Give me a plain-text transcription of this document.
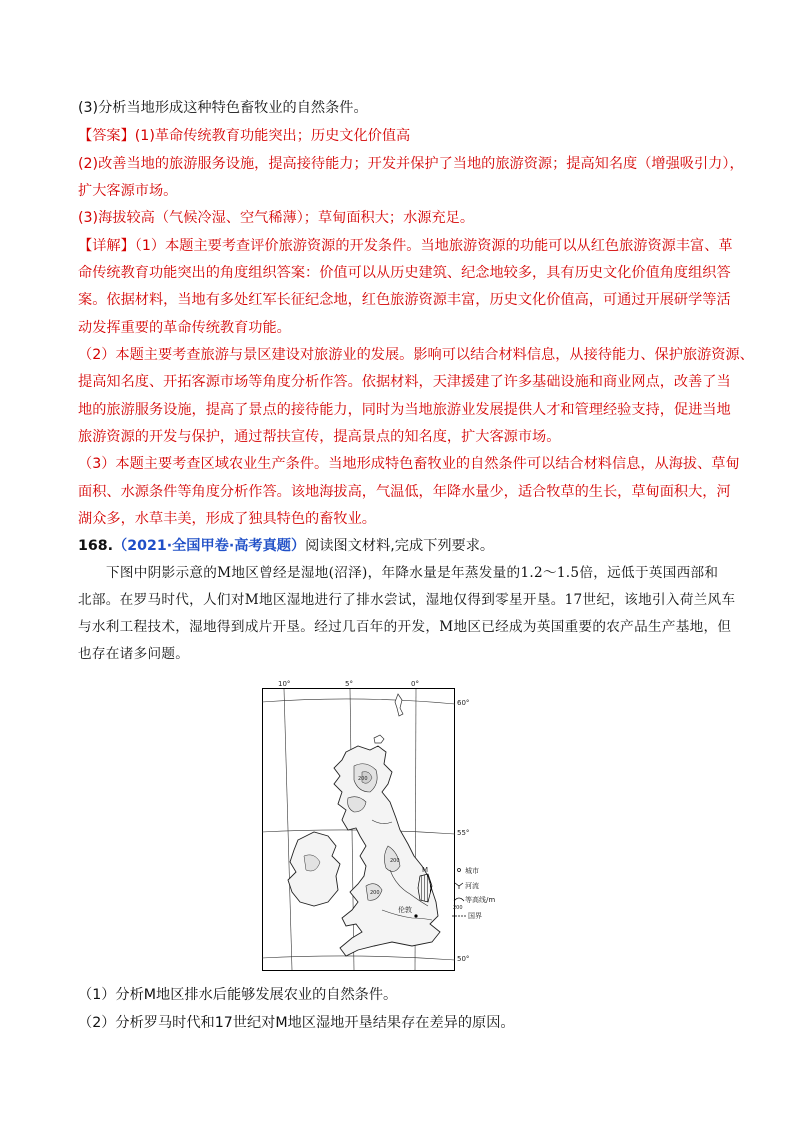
(3)分析当地形成这种特色畜牧业的自然条件。
【答案】(1)革命传统教育功能突出；历史文化价值高
(2)改善当地的旅游服务设施，提高接待能力；开发并保护了当地的旅游资源；提高知名度（增强吸引力），
扩大客源市场。
(3)海拔较高（气候冷湿、空气稀薄）；草甸面积大；水源充足。
【详解】（1）本题主要考查评价旅游资源的开发条件。当地旅游资源的功能可以从红色旅游资源丰富、革
命传统教育功能突出的角度组织答案：价值可以从历史建筑、纪念地较多，具有历史文化价值角度组织答
案。依据材料，当地有多处红军长征纪念地，红色旅游资源丰富，历史文化价值高，可通过开展研学等活
动发挥重要的革命传统教育功能。
（2）本题主要考查旅游与景区建设对旅游业的发展。影响可以结合材料信息，从接待能力、保护旅游资源、
提高知名度、开拓客源市场等角度分析作答。依据材料，天津援建了许多基础设施和商业网点，改善了当
地的旅游服务设施，提高了景点的接待能力，同时为当地旅游业发展提供人才和管理经验支持，促进当地
旅游资源的开发与保护，通过帮扶宣传，提高景点的知名度，扩大客源市场。
（3）本题主要考查区域农业生产条件。当地形成特色畜牧业的自然条件可以结合材料信息，从海拔、草甸
面积、水源条件等角度分析作答。该地海拔高，气温低，年降水量少，适合牧草的生长，草甸面积大，河
湖众多，水草丰美，形成了独具特色的畜牧业。
168.（2021·全国甲卷·高考真题）阅读图文材料,完成下列要求。
下图中阴影示意的M地区曾经是湿地(沼泽)，年降水量是年蒸发量的1.2～1.5倍，远低于英国西部和
北部。在罗马时代，人们对M地区湿地进行了排水尝试，湿地仅得到零星开垦。17世纪，该地引入荷兰风车
与水利工程技术，湿地得到成片开垦。经过几百年的开发，M地区已经成为英国重要的农产品生产基地，但
也存在诸多问题。
10°	5°	0°
60°
55°
50°
M
200
200
200
伦敦
城市
河流
200
等高线/m
国界
（1）分析M地区排水后能够发展农业的自然条件。
（2）分析罗马时代和17世纪对M地区湿地开垦结果存在差异的原因。
